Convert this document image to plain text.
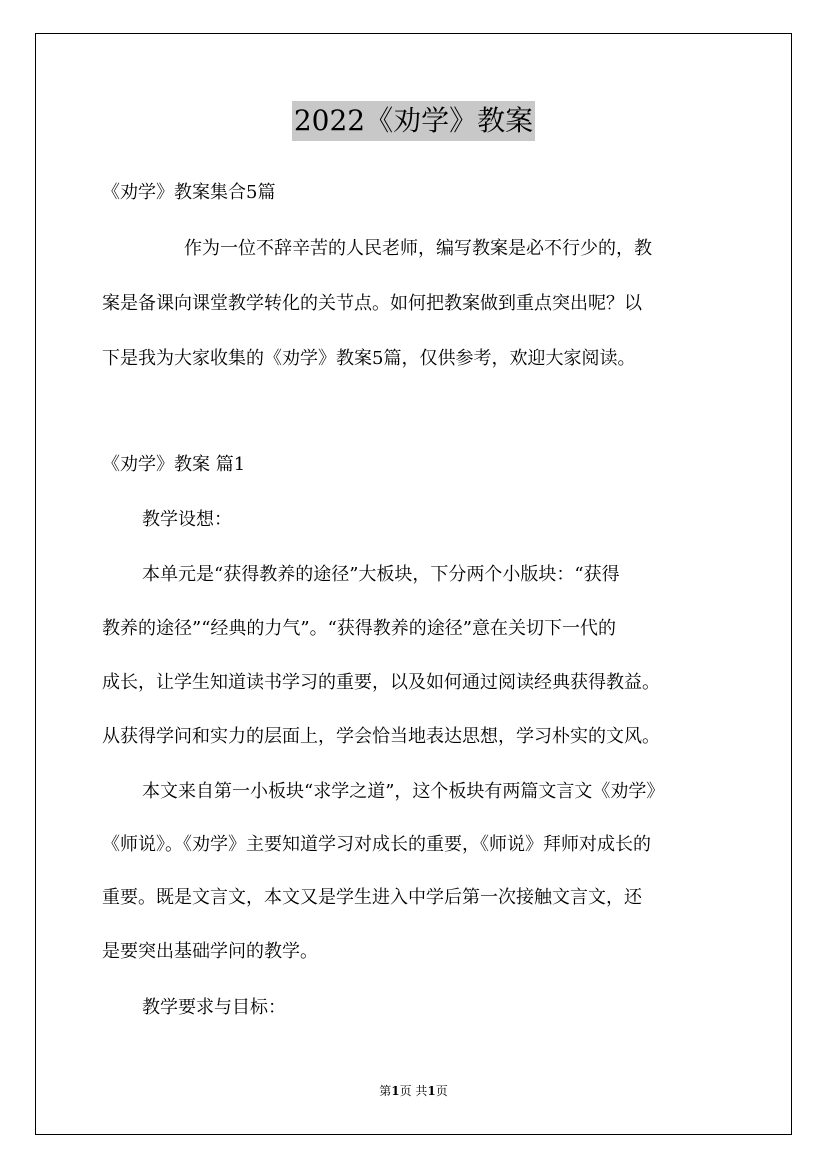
2022《劝学》教案
《劝学》教案集合5篇
作为一位不辞辛苦的人民老师，编写教案是必不行少的，教
案是备课向课堂教学转化的关节点。如何把教案做到重点突出呢？以
下是我为大家收集的《劝学》教案5篇，仅供参考，欢迎大家阅读。
《劝学》教案 篇1
教学设想：
本单元是“获得教养的途径”大板块，下分两个小版块：“获得
教养的途径”“经典的力气”。“获得教养的途径”意在关切下一代的
成长，让学生知道读书学习的重要，以及如何通过阅读经典获得教益。
从获得学问和实力的层面上，学会恰当地表达思想，学习朴实的文风。
本文来自第一小板块“求学之道”，这个板块有两篇文言文《劝学》
《师说》。《劝学》主要知道学习对成长的重要，《师说》拜师对成长的
重要。既是文言文，本文又是学生进入中学后第一次接触文言文，还
是要突出基础学问的教学。
教学要求与目标：
第1页 共1页
